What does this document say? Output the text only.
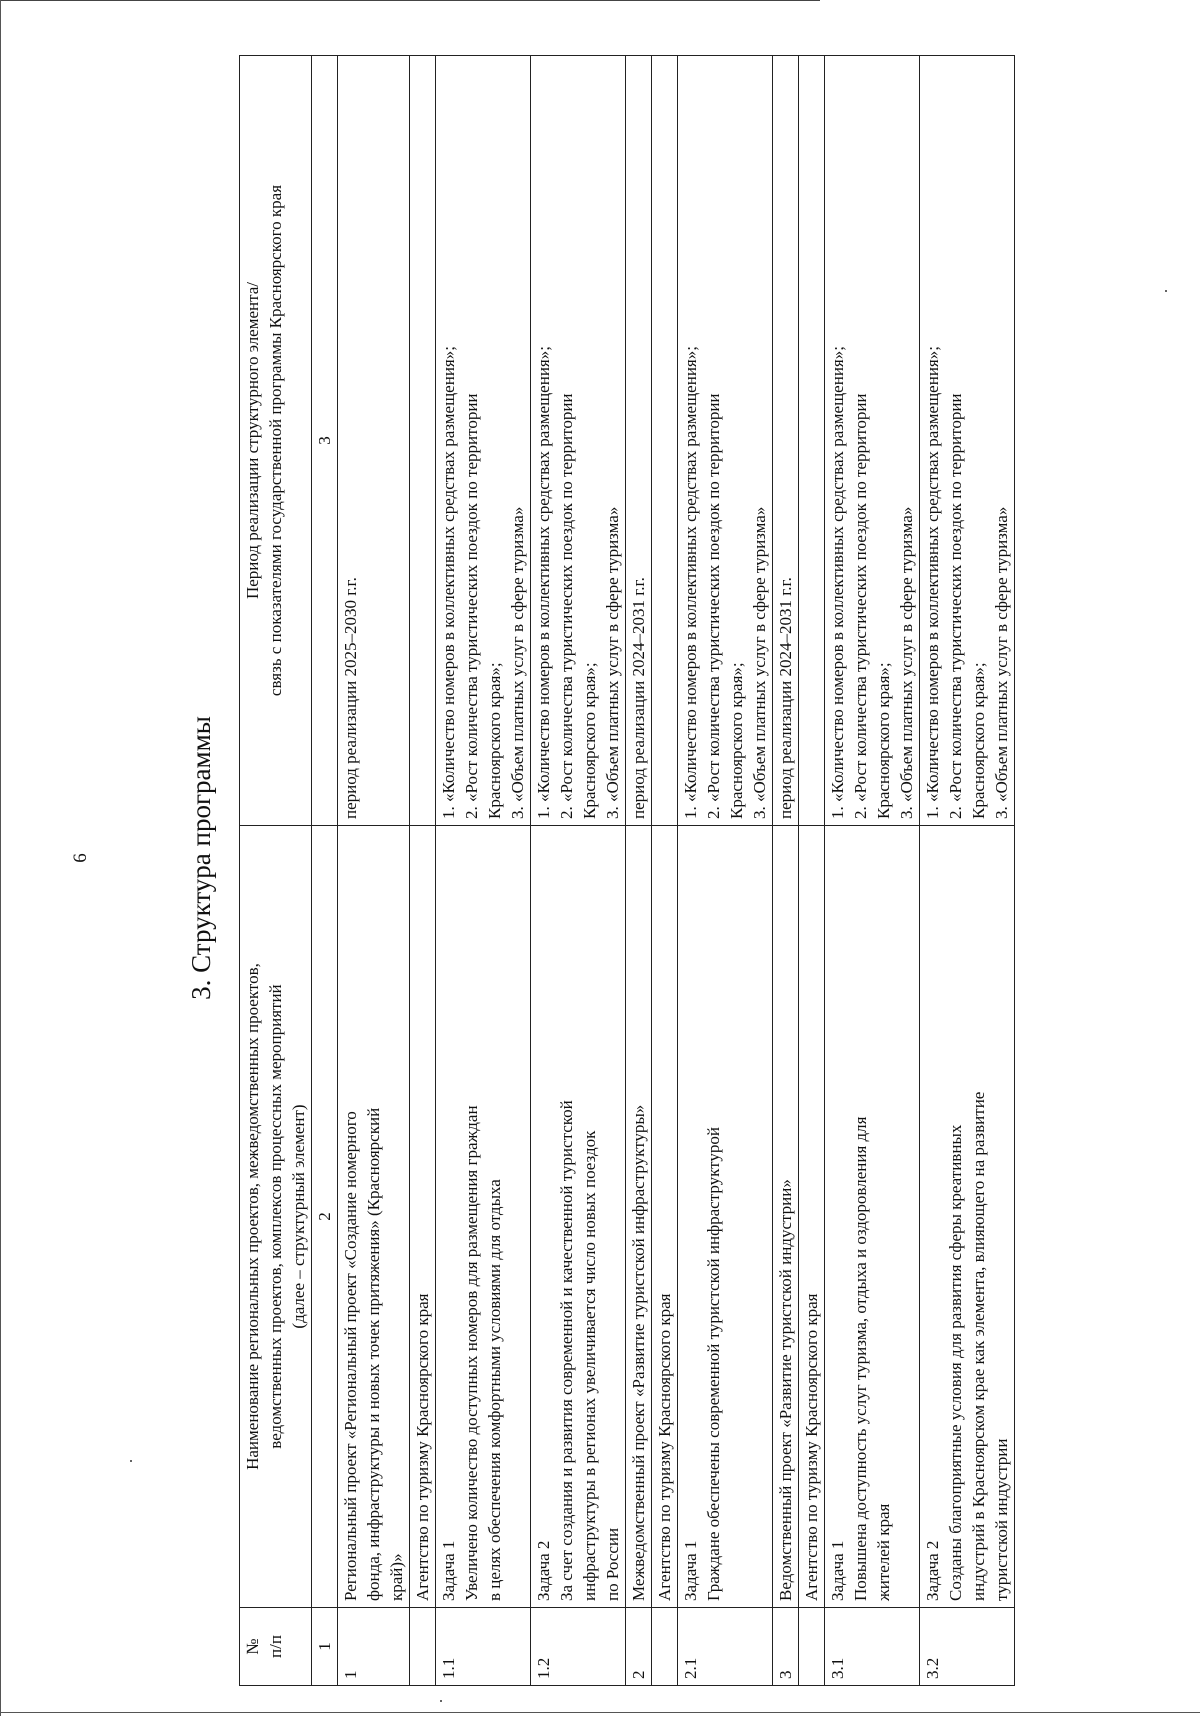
6	3. Структура программы
№ п/п	Наименование региональных проектов, межведомственных проектов, ведомственных проектов, комплексов процессных мероприятий (далее – структурный элемент)	Период реализации структурного элемента/ связь с показателями государственной программы Красноярского края

1	2	3
1	Региональный проект «Региональный проект «Создание номерного фонда, инфраструктуры и новых точек притяжения» (Красноярский край)»	период реализации 2025–2030 г.г.

	Агентство по туризму Красноярского края	

1.1	Задача 1 Увеличено количество доступных номеров для размещения граждан в целях обеспечения комфортными условиями для отдыха	1. «Количество номеров в коллективных средствах размещения»; 2. «Рост количества туристических поездок по территории Красноярского края»; 3. «Объем платных услуг в сфере туризма»

1.2	Задача 2 За счет создания и развития современной и качественной туристской инфраструктуры в регионах увеличивается число новых поездок по России	1. «Количество номеров в коллективных средствах размещения»; 2. «Рост количества туристических поездок по территории Красноярского края»; 3. «Объем платных услуг в сфере туризма»

2	Межведомственный проект «Развитие туристской инфраструктуры»	период реализации 2024–2031 г.г.

	Агентство по туризму Красноярского края	

2.1	Задача 1 Граждане обеспечены современной туристской инфраструктурой	1. «Количество номеров в коллективных средствах размещения»; 2. «Рост количества туристических поездок по территории Красноярского края»; 3. «Объем платных услуг в сфере туризма»

3	Ведомственный проект «Развитие туристской индустрии»	период реализации 2024–2031 г.г.

	Агентство по туризму Красноярского края	

3.1	Задача 1 Повышена доступность услуг туризма, отдыха и оздоровления для жителей края	1. «Количество номеров в коллективных средствах размещения»; 2. «Рост количества туристических поездок по территории Красноярского края»; 3. «Объем платных услуг в сфере туризма»

3.2	Задача 2 Созданы благоприятные условия для развития сферы креативных индустрий в Красноярском крае как элемента, влияющего на развитие туристской индустрии	1. «Количество номеров в коллективных средствах размещения»; 2. «Рост количества туристических поездок по территории Красноярского края»; 3. «Объем платных услуг в сфере туризма»
